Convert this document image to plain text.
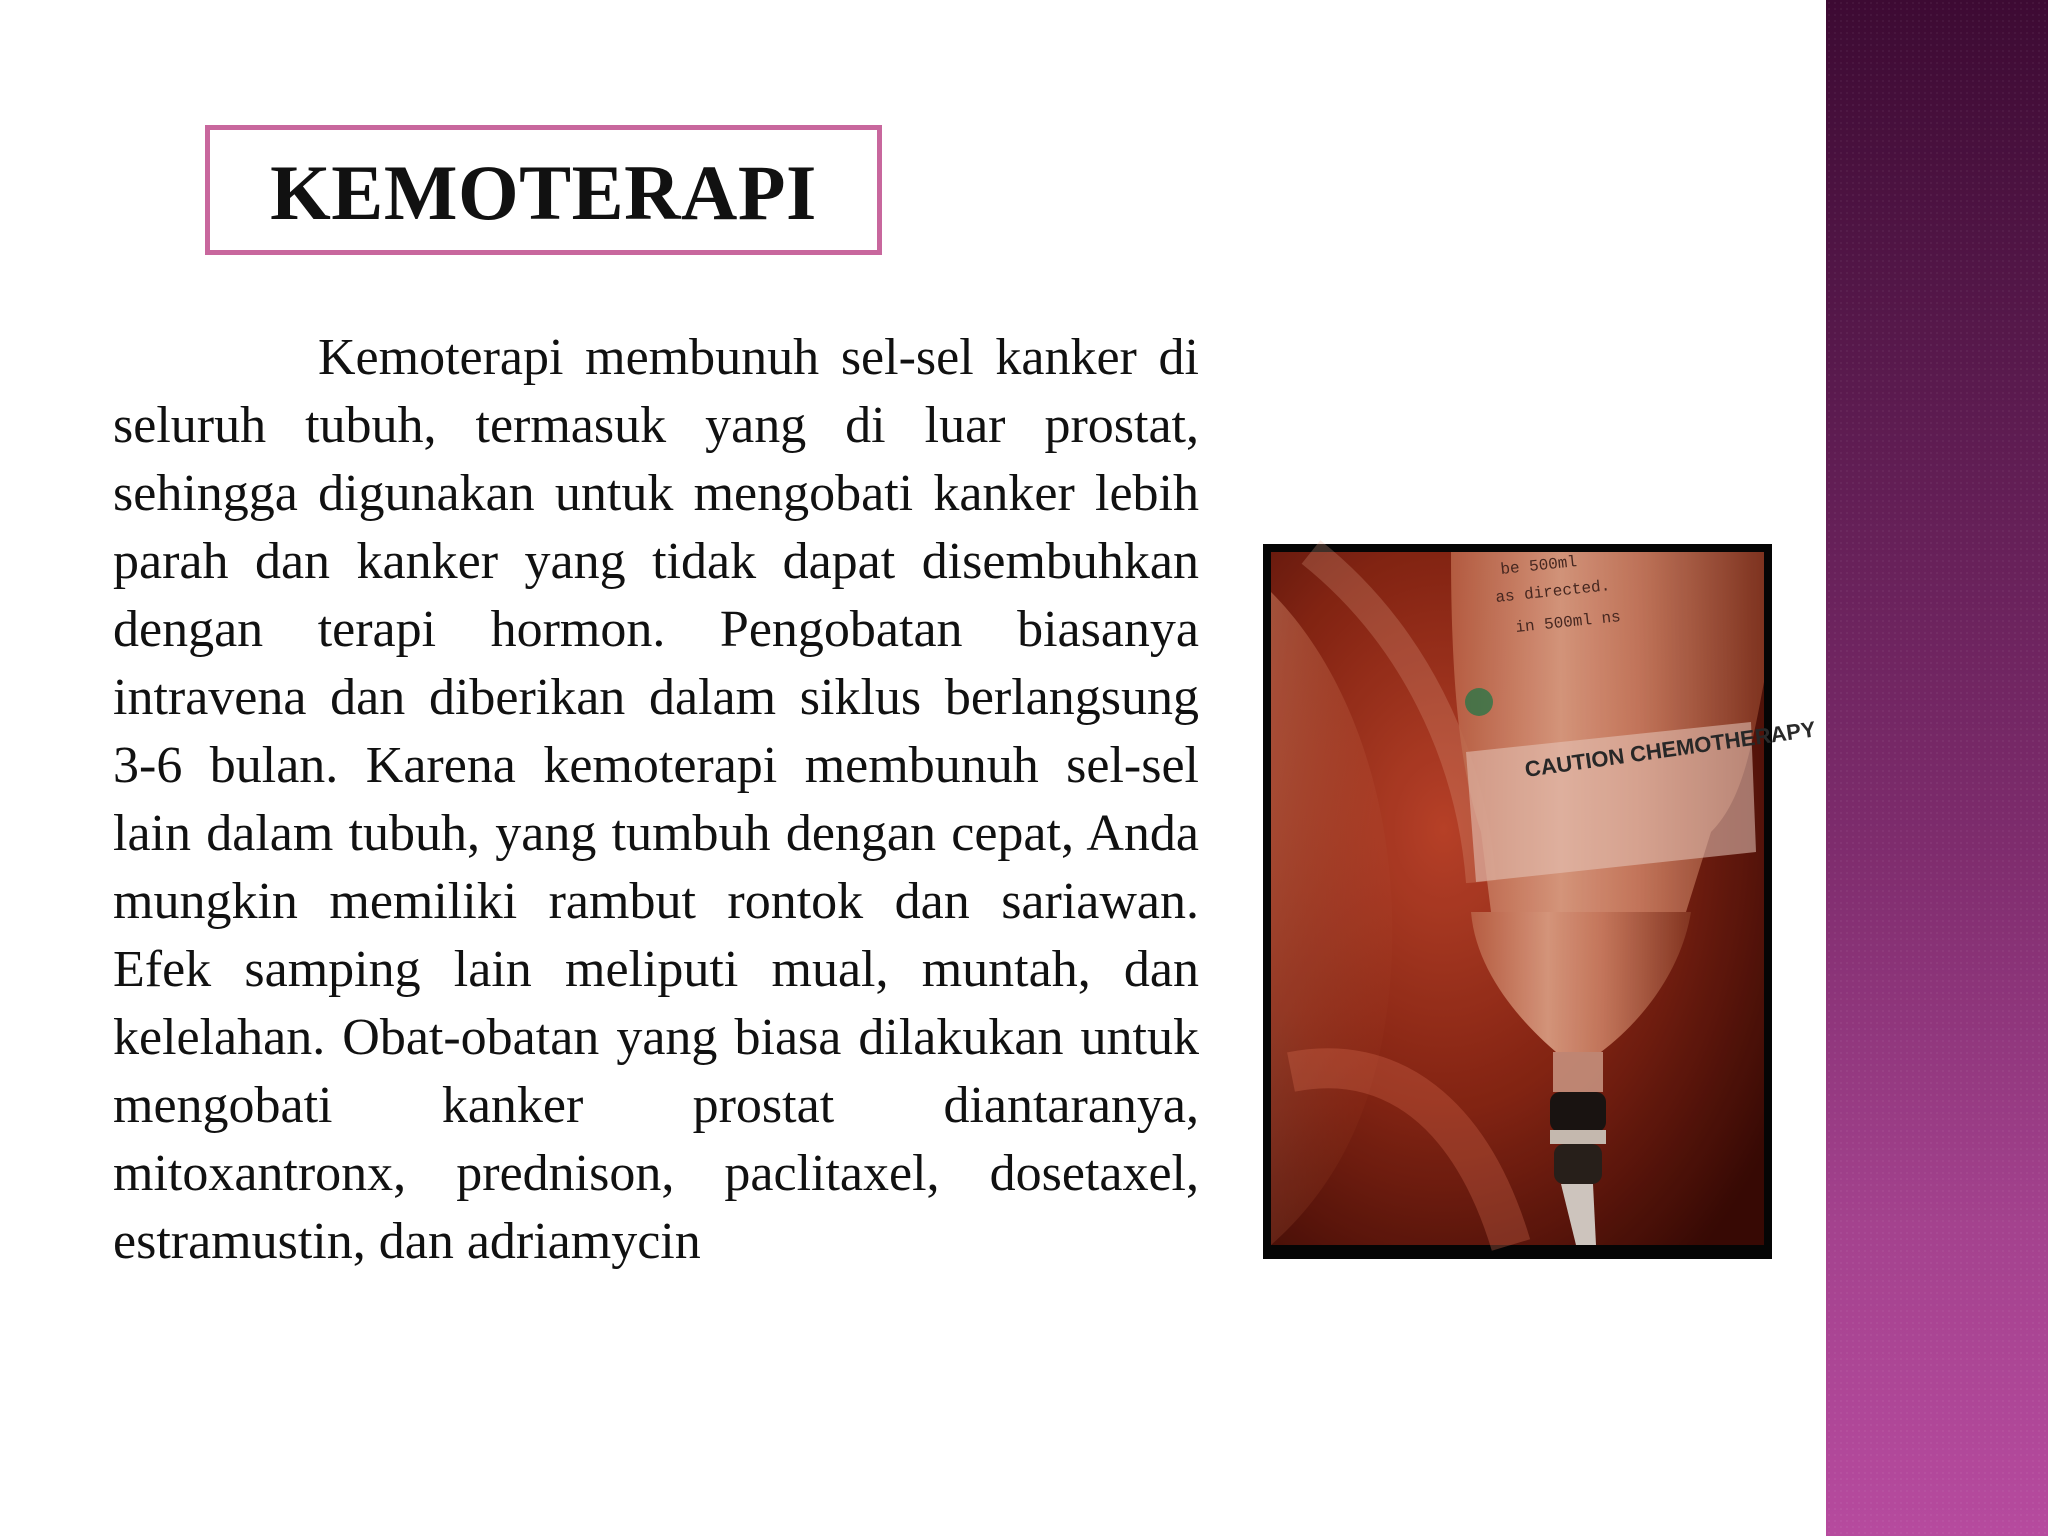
KEMOTERAPI

Kemoterapi membunuh sel-sel kanker di seluruh tubuh, termasuk yang di luar prostat, sehingga digunakan untuk mengobati kanker lebih parah dan kanker yang tidak dapat disembuhkan dengan terapi hormon. Pengobatan biasanya intravena dan diberikan dalam siklus berlangsung 3-6 bulan. Karena kemoterapi membunuh sel-sel lain dalam tubuh, yang tumbuh dengan cepat, Anda mungkin memiliki rambut rontok dan sariawan. Efek samping lain meliputi mual, muntah, dan kelelahan. Obat-obatan yang biasa dilakukan untuk mengobati kanker prostat diantaranya, mitoxantronx, prednison, paclitaxel, dosetaxel, estramustin, dan adriamycin

CAUTION CHEMOTHERAPY
be 500ml
as directed.
in 500ml ns
